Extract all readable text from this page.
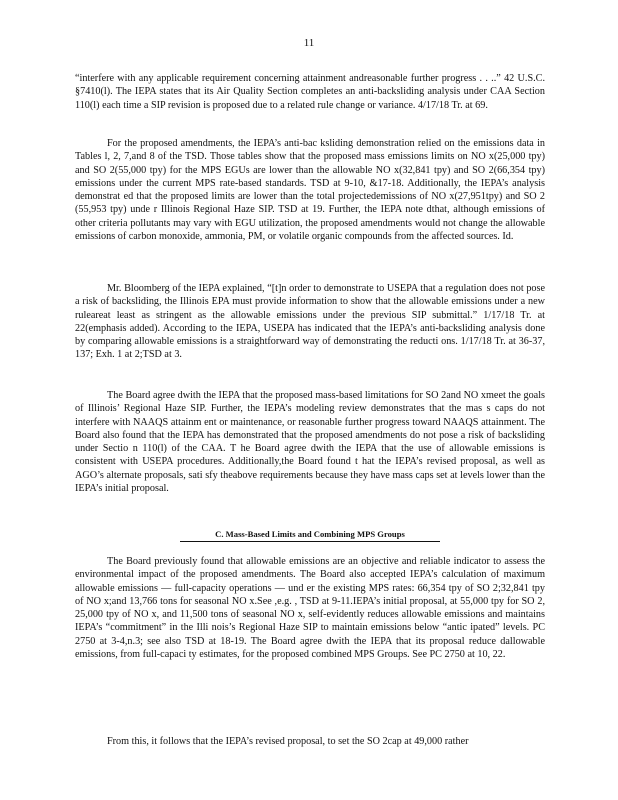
11

“interfere with any applicable requirement concerning attainment andreasonable further progress . . ..” 42 U.S.C. §7410(l). The IEPA states that its Air Quality Section completes an anti-backsliding analysis under CAA Section 110(l) each time a SIP revision is proposed due to a related rule change or variance. 4/17/18 Tr. at 69.

For the proposed amendments, the IEPA’s anti-bac ksliding demonstration relied on the emissions data in Tables l, 2, 7,and 8 of the TSD. Those tables show that the proposed mass emissions limits on NO x(25,000 tpy) and SO 2(55,000 tpy) for the MPS EGUs are lower than the allowable NO x(32,841 tpy) and SO 2(66,354 tpy) emissions under the current MPS rate-based standards. TSD at 9-10, &17-18. Additionally, the IEPA’s analysis demonstrat ed that the proposed limits are lower than the total projectedemissions of NO x(27,951tpy) and SO 2 (55,953 tpy) unde r Illinois Regional Haze SIP. TSD at 19. Further, the IEPA note dthat, although emissions of other criteria pollutants may vary with EGU utilization, the proposed amendments would not change the allowable emissions of carbon monoxide, ammonia, PM, or volatile organic compounds from the affected sources. Id.

Mr. Bloomberg of the IEPA explained, “[t]n order to demonstrate to USEPA that a regulation does not pose a risk of backsliding, the Illinois EPA must provide information to show that the allowable emissions under a new ruleareat least as stringent as the allowable emissions under the previous SIP submittal.” 1/17/18 Tr. at 22(emphasis added). According to the IEPA, USEPA has indicated that the IEPA’s anti-backsliding analysis done by comparing allowable emissions is a straightforward way of demonstrating the reducti ons. 1/17/18 Tr. at 36-37, 137; Exh. 1 at 2;TSD at 3.

The Board agree dwith the IEPA that the proposed mass-based limitations for SO 2and NO xmeet the goals of Illinois’ Regional Haze SIP. Further, the IEPA’s modeling review demonstrates that the mas s caps do not interfere with NAAQS attainm ent or maintenance, or reasonable further progress toward NAAQS attainment. The Board also found that the IEPA has demonstrated that the proposed amendments do not pose a risk of backsliding under Sectio n 110(l) of the CAA. T he Board agree dwith the IEPA that the use of allowable emissions is consistent with USEPA procedures. Additionally,the Board found t hat the IEPA’s revised proposal, as well as AGO’s alternate proposals, sati sfy theabove requirements because they have mass caps set at levels lower than the IEPA’s initial proposal.

C. Mass-Based Limits and Combining MPS Groups

The Board previously found that allowable emissions are an objective and reliable indicator to assess the environmental impact of the proposed amendments. The Board also accepted IEPA’s calculation of maximum allowable emissions — full-capacity operations — und er the existing MPS rates: 66,354 tpy of SO 2;32,841 tpy of NO x;and 13,766 tons for seasonal NO x.See ,e.g. , TSD at 9-11.IEPA’s initial proposal, at 55,000 tpy for SO 2, 25,000 tpy of NO x, and 11,500 tons of seasonal NO x, self-evidently reduces allowable emissions and maintains IEPA’s “commitment” in the Illi nois’s Regional Haze SIP to maintain emissions below “antic ipated” levels. PC 2750 at 3-4,n.3; see also TSD at 18-19. The Board agree dwith the IEPA that its proposal reduce dallowable emissions, from full-capaci ty estimates, for the proposed combined MPS Groups. See PC 2750 at 10, 22.

From this, it follows that the IEPA’s revised proposal, to set the SO 2cap at 49,000 rather
